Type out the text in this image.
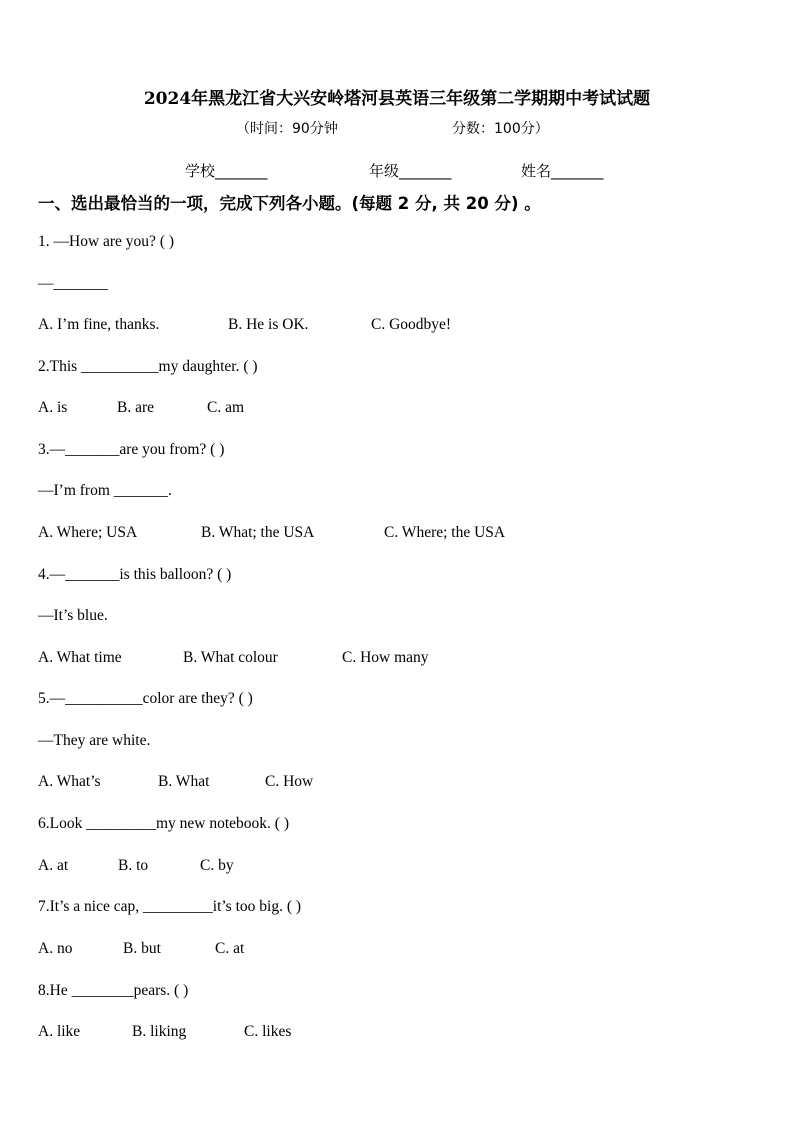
2024年黑龙江省大兴安岭塔河县英语三年级第二学期期中考试试题
（时间：90分钟	分数：100分）
学校_______	年级_______	姓名_______
一、选出最恰当的一项，完成下列各小题。(每题 2 分, 共 20 分) 。
1. —How are you? ( )
—_______
A. I’m fine, thanks.	B. He is OK.	C. Goodbye!
2.This __________my daughter. ( )
A. is	B. are	C. am
3.—_______are you from? ( )
—I’m from _______.
A. Where; USA	B. What; the USA	C. Where; the USA
4.—_______is this balloon? ( )
—It’s blue.
A. What time	B. What colour	C. How many
5.—__________color are they? ( )
—They are white.
A. What’s	B. What	C. How
6.Look _________my new notebook. ( )
A. at	B. to	C. by
7.It’s a nice cap, _________it’s too big. ( )
A. no	B. but	C. at
8.He ________pears. ( )
A. like	B. liking	C. likes
